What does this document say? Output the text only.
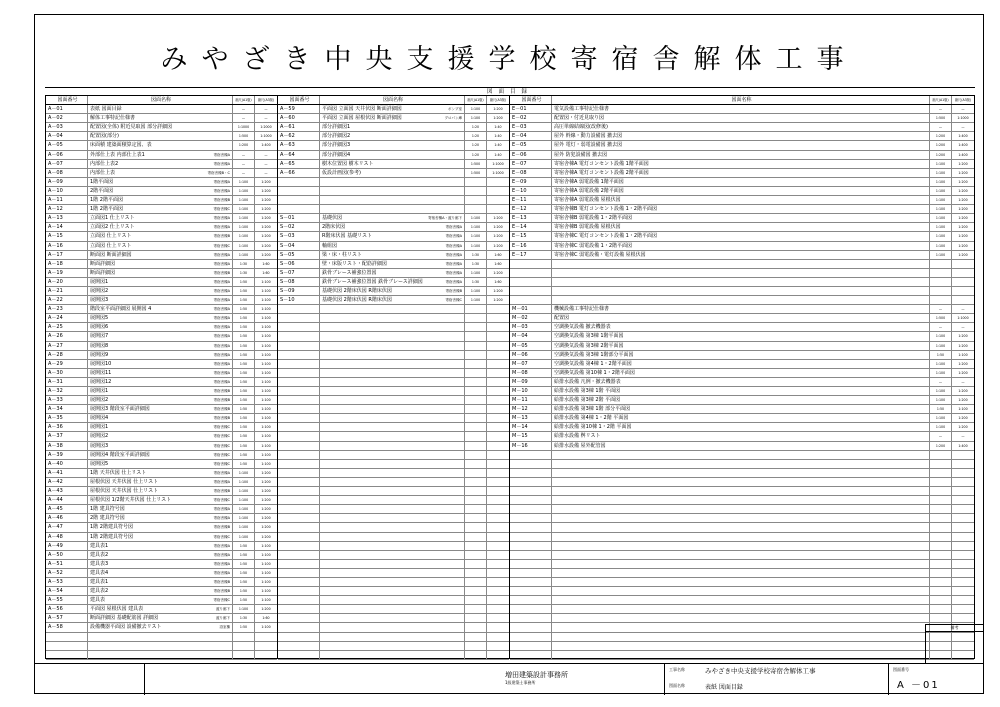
みやざき中央支援学校寄宿舎解体工事
図面目録
図面番号	図面名称	縮尺(A1版)	縮尺(A3版)
A－01	表紙 図面目録	—	—
A－02	解体工事特記仕様書	—	—
A－03	配置図(全体) 附近見取図 部分詳細図	1:1000	1:2000
A－04	配置図(部分)	1:500	1:1000
A－05	床面積 建築面積算定図、表	1:200	1:400
A－06	外部仕上表 内部仕上表1	寄宿舎棟A	—	—
A－07	内部仕上表2	寄宿舎棟A	—	—
A－08	内部仕上表	寄宿舎棟B・C	—	—
A－09	1階平面図	寄宿舎棟A	1:100	1:200
A－10	2階平面図	寄宿舎棟A	1:100	1:200
A－11	1階 2階平面図	寄宿舎棟B	1:100	1:200
A－12	1階 2階平面図	寄宿舎棟C	1:100	1:200
A－13	立面図1 仕上リスト	寄宿舎棟A	1:100	1:200
A－14	立面図2 仕上リスト	寄宿舎棟A	1:100	1:200
A－15	立面図 仕上リスト	寄宿舎棟B	1:100	1:200
A－16	立面図 仕上リスト	寄宿舎棟C	1:100	1:200
A－17	断面図 断面詳細図	寄宿舎棟A	1:100	1:200
A－18	断面詳細図	寄宿舎棟A	1:30	1:60
A－19	断面詳細図	寄宿舎棟B	1:30	1:60
A－20	展開図1	寄宿舎棟A	1:50	1:100
A－21	展開図2	寄宿舎棟A	1:50	1:100
A－22	展開図3	寄宿舎棟A	1:50	1:100
A－23	階段室平面詳細図 展開図 4	寄宿舎棟A	1:50	1:100
A－24	展開図5	寄宿舎棟A	1:50	1:100
A－25	展開図6	寄宿舎棟A	1:50	1:100
A－26	展開図7	寄宿舎棟A	1:50	1:100
A－27	展開図8	寄宿舎棟A	1:50	1:100
A－28	展開図9	寄宿舎棟A	1:50	1:100
A－29	展開図10	寄宿舎棟A	1:50	1:100
A－30	展開図11	寄宿舎棟A	1:50	1:100
A－31	展開図12	寄宿舎棟A	1:50	1:100
A－32	展開図1	寄宿舎棟B	1:50	1:100
A－33	展開図2	寄宿舎棟B	1:50	1:100
A－34	展開図3 階段室平面詳細図	寄宿舎棟B	1:50	1:100
A－35	展開図4	寄宿舎棟B	1:50	1:100
A－36	展開図1	寄宿舎棟C	1:50	1:100
A－37	展開図2	寄宿舎棟C	1:50	1:100
A－38	展開図3	寄宿舎棟C	1:50	1:100
A－39	展開図4 階段室平面詳細図	寄宿舎棟C	1:50	1:100
A－40	展開図5	寄宿舎棟C	1:50	1:100
A－41	1階 天井伏図 仕上リスト	寄宿舎棟A	1:100	1:200
A－42	屋根伏図 天井伏図 仕上リスト	寄宿舎棟A	1:100	1:200
A－43	屋根伏図 天井伏図 仕上リスト	寄宿舎棟B	1:100	1:200
A－44	屋根伏図 1/2階天井伏図 仕上リスト	寄宿舎棟C	1:100	1:200
A－45	1階 建具符号図	寄宿舎棟A	1:100	1:200
A－46	2階 建具符号図	寄宿舎棟A	1:100	1:200
A－47	1階 2階建具符号図	寄宿舎棟B	1:100	1:200
A－48	1階 2階建具符号図	寄宿舎棟C	1:100	1:200
A－49	建具表1	寄宿舎棟A	1:50	1:100
A－50	建具表2	寄宿舎棟A	1:50	1:100
A－51	建具表3	寄宿舎棟A	1:50	1:100
A－52	建具表4	寄宿舎棟A	1:50	1:100
A－53	建具表1	寄宿舎棟B	1:50	1:100
A－54	建具表2	寄宿舎棟B	1:50	1:100
A－55	建具表	寄宿舎棟C	1:50	1:100
A－56	平面図 屋根伏図 建具表	渡り廊下	1:100	1:200
A－57	断面詳細図 基礎配筋図 詳細図	渡り廊下	1:30	1:60
A－58	設備機器平面図 設備撤去リスト	浴室棟	1:50	1:100
図面番号	図面名称	縮尺(A1版)	縮尺(A3版)
A－59	平面図 立面図 天井伏図 断面詳細図	ポンプ室	1:100	1:200
A－60	平面図 立面図 屋根伏図 断面詳細図	プロパン庫	1:100	1:200
A－61	部分詳細図1	1:20	1:40
A－62	部分詳細図2	1:20	1:40
A－63	部分詳細図3	1:20	1:40
A－64	部分詳細図4	1:20	1:40
A－65	樹木位置図 樹木リスト	1:500	1:1000
A－66	仮設計画図(参考)	1:500	1:1000
S－01	基礎伏図	寄宿舎棟A・渡り廊下	1:100	1:200
S－02	2階床伏図	寄宿舎棟A	1:100	1:200
S－03	R階床伏図 基礎リスト	寄宿舎棟A	1:100	1:200
S－04	軸組図	寄宿舎棟A	1:100	1:200
S－05	梁・床・柱リスト	寄宿舎棟A	1:30	1:60
S－06	壁・床版リスト・配筋詳細図	寄宿舎棟A	1:30	1:60
S－07	鉄骨ブレース補強位置図	寄宿舎棟A	1:100	1:200
S－08	鉄骨ブレース補強位置図 鉄骨ブレース詳細図	寄宿舎棟A	1:30	1:60
S－09	基礎伏図 2階床伏図 R階床伏図	寄宿舎棟B	1:100	1:200
S－10	基礎伏図 2階床伏図 R階床伏図	寄宿舎棟C	1:100	1:200
図面番号	図面名称	縮尺(A1版)	縮尺(A3版)
E－01	電気設備工事特記仕様書	—	—
E－02	配置図・付近見取り図	1:500	1:1000
E－03	高圧単線結線図(改修後)	—	—
E－04	屋外 幹線・動力設備図 撤去図	1:200	1:400
E－05	屋外 電灯・弱電設備図 撤去図	1:200	1:400
E－06	屋外 防犯設備図 撤去図	1:200	1:400
E－07	寄宿舎棟A 電灯コンセント設備 1階平面図	1:100	1:200
E－08	寄宿舎棟A 電灯コンセント設備 2階平面図	1:100	1:200
E－09	寄宿舎棟A 弱電設備 1階平面図	1:100	1:200
E－10	寄宿舎棟A 弱電設備 2階平面図	1:100	1:200
E－11	寄宿舎棟A 弱電設備 屋根伏図	1:100	1:200
E－12	寄宿舎棟B 電灯コンセント設備 1・2階平面図	1:100	1:200
E－13	寄宿舎棟B 弱電設備 1・2階平面図	1:100	1:200
E－14	寄宿舎棟B 弱電設備 屋根伏図	1:100	1:200
E－15	寄宿舎棟C 電灯コンセント設備 1・2階平面図	1:100	1:200
E－16	寄宿舎棟C 弱電設備 1・2階平面図	1:100	1:200
E－17	寄宿舎棟C 弱電設備・電灯設備 屋根伏図	1:100	1:200
M－01	機械設備工事特記仕様書	—	—
M－02	配置図	1:500	1:1000
M－03	空調換気設備 撤去機器表	—	—
M－04	空調換気設備 第3棟 1階平面図	1:100	1:200
M－05	空調換気設備 第3棟 2階平面図	1:100	1:200
M－06	空調換気設備 第3棟 1階部分平面図	1:50	1:100
M－07	空調換気設備 第4棟 1・2階平面図	1:100	1:200
M－08	空調換気設備 第10棟 1・2階平面図	1:100	1:200
M－09	給排水設備 凡例・撤去機器表	—	—
M－10	給排水設備 第3棟 1階 平面図	1:100	1:200
M－11	給排水設備 第3棟 2階 平面図	1:100	1:200
M－12	給排水設備 第3棟 1階 部分平面図	1:50	1:100
M－13	給排水設備 第4棟 1・2階 平面図	1:100	1:200
M－14	給排水設備 第10棟 1・2階 平面図	1:100	1:200
M－15	給排水設備 桝リスト	—	—
M－16	給排水設備 屋外配管図	1:200	1:400
備考
増田建築設計事務所
1級建築士事務所
工事名称	みやざき中央支援学校寄宿舎解体工事
図面名称	表紙 図面目録
図面番号
A －01
